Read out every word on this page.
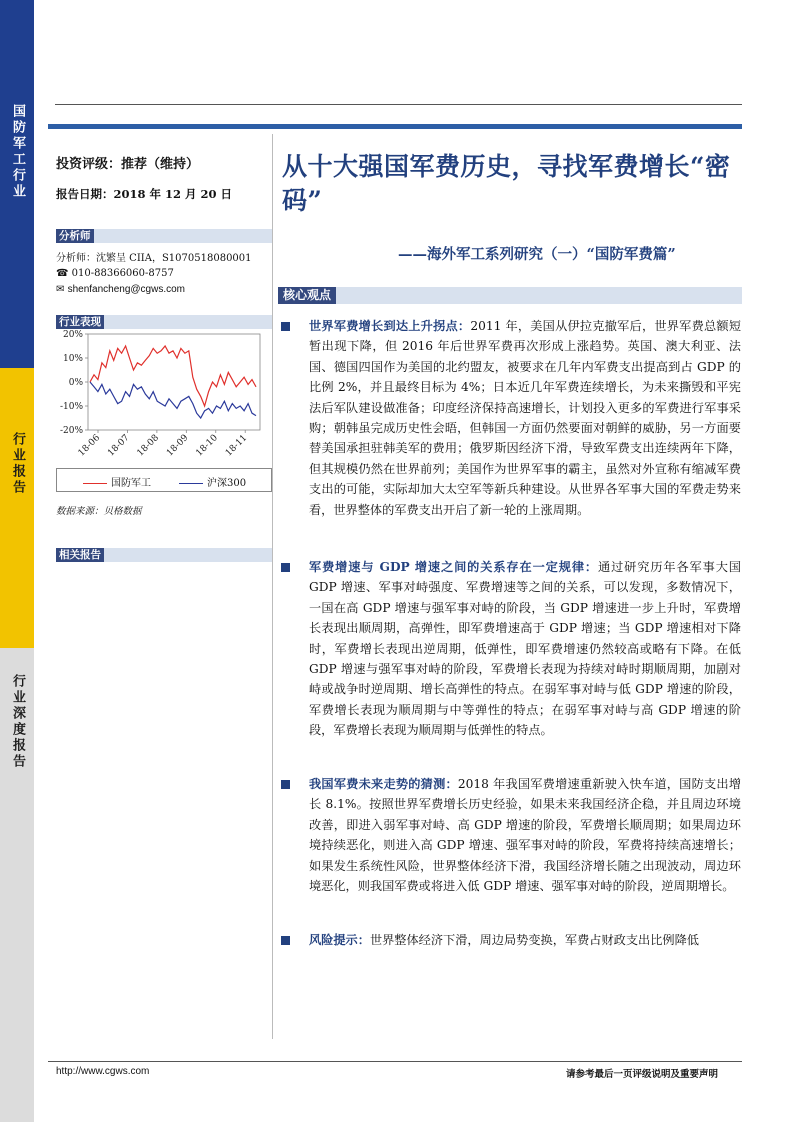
国防军工行业
行业报告
行业深度报告
投资评级：推荐（维持）
报告日期：2018 年 12 月 20 日
分析师
分析师：沈繁呈 CIIA，S1070518080001
☎ 010-88366060-8757
✉ shenfancheng@cgws.com
行业表现
20%
10%
0%
-10%
-20%
18-06 18-07 18-08 18-09 18-10 18-11
国防军工	沪深300
数据来源：贝格数据
相关报告
从十大强国军费历史，寻找军费增长“密码”
——海外军工系列研究（一）“国防军费篇”
核心观点
世界军费增长到达上升拐点：2011 年，美国从伊拉克撤军后，世界军费总额短暂出现下降，但 2016 年后世界军费再次形成上涨趋势。英国、澳大利亚、法国、德国四国作为美国的北约盟友，被要求在几年内军费支出提高到占 GDP 的比例 2%，并且最终目标为 4%；日本近几年军费连续增长，为未来撕毁和平宪法后军队建设做准备；印度经济保持高速增长，计划投入更多的军费进行军事采购；朝韩虽完成历史性会晤，但韩国一方面仍然要面对朝鲜的威胁，另一方面要替美国承担驻韩美军的费用；俄罗斯因经济下滑，导致军费支出连续两年下降，但其规模仍然在世界前列；美国作为世界军事的霸主，虽然对外宣称有缩减军费支出的可能，实际却加大太空军等新兵种建设。从世界各军事大国的军费走势来看，世界整体的军费支出开启了新一轮的上涨周期。
军费增速与 GDP 增速之间的关系存在一定规律：通过研究历年各军事大国 GDP 增速、军事对峙强度、军费增速等之间的关系，可以发现，多数情况下，一国在高 GDP 增速与强军事对峙的阶段，当 GDP 增速进一步上升时，军费增长表现出顺周期，高弹性，即军费增速高于 GDP 增速；当 GDP 增速相对下降时，军费增长表现出逆周期，低弹性，即军费增速仍然较高或略有下降。在低 GDP 增速与强军事对峙的阶段，军费增长表现为持续对峙时期顺周期，加剧对峙或战争时逆周期、增长高弹性的特点。在弱军事对峙与低 GDP 增速的阶段，军费增长表现为顺周期与中等弹性的特点；在弱军事对峙与高 GDP 增速的阶段，军费增长表现为顺周期与低弹性的特点。
我国军费未来走势的猜测：2018 年我国军费增速重新驶入快车道，国防支出增长 8.1%。按照世界军费增长历史经验，如果未来我国经济企稳，并且周边环境改善，即进入弱军事对峙、高 GDP 增速的阶段，军费增长顺周期；如果周边环境持续恶化，则进入高 GDP 增速、强军事对峙的阶段，军费将持续高速增长；如果发生系统性风险，世界整体经济下滑，我国经济增长随之出现波动，周边环境恶化，则我国军费或将进入低 GDP 增速、强军事对峙的阶段，逆周期增长。
风险提示：世界整体经济下滑，周边局势变换，军费占财政支出比例降低
http://www.cgws.com	请参考最后一页评级说明及重要声明
